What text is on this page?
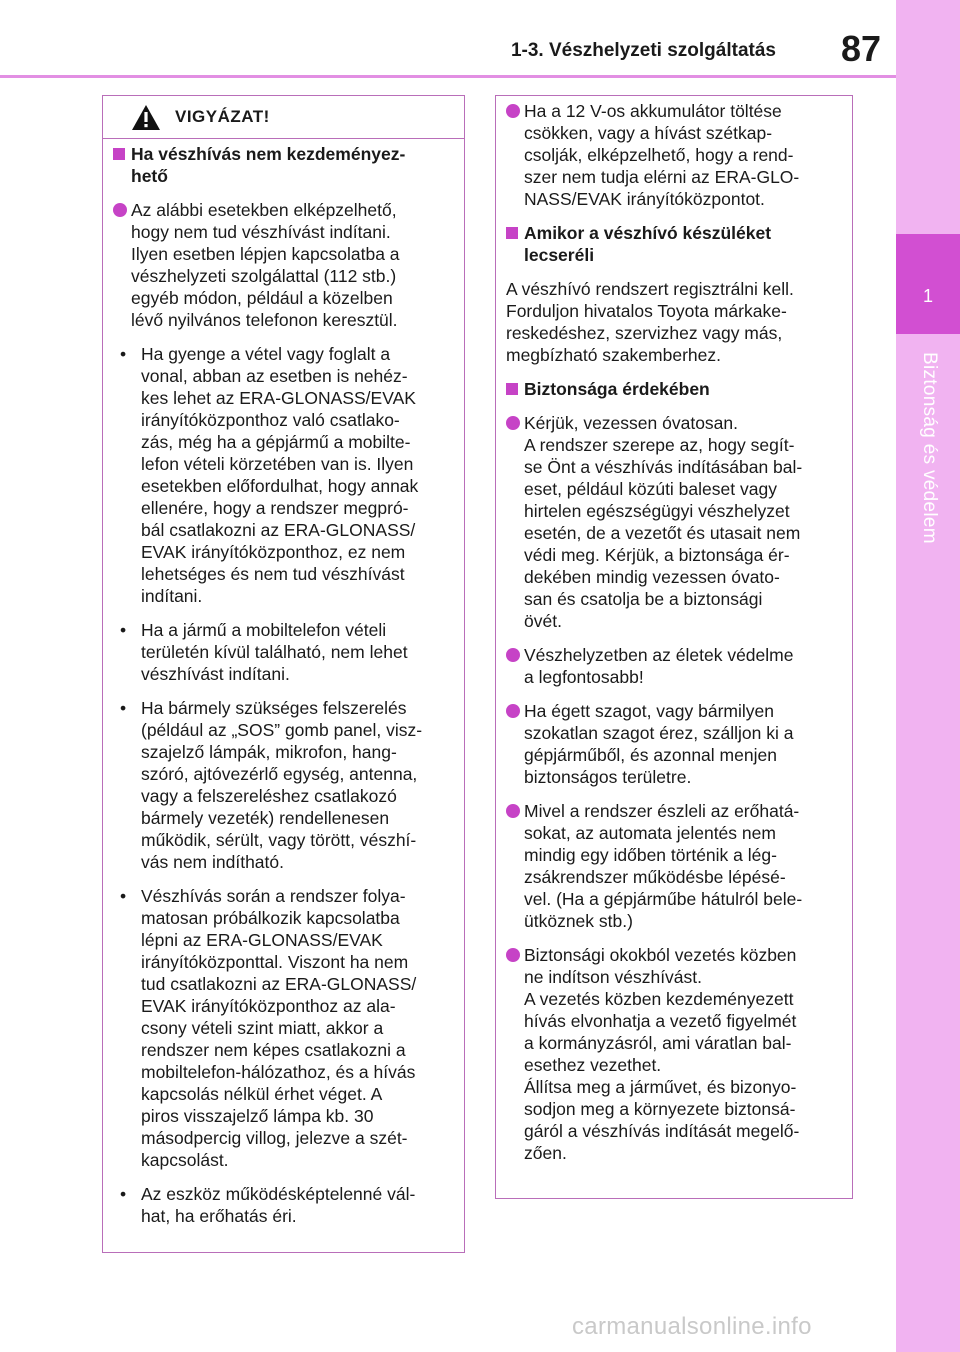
1-3. Vészhelyzeti szolgáltatás 87
1
Biztonság és védelem
VIGYÁZAT!
Ha vészhívás nem kezdeményez-
hető
Az alábbi esetekben elképzelhető,
hogy nem tud vészhívást indítani.
Ilyen esetben lépjen kapcsolatba a
vészhelyzeti szolgálattal (112 stb.)
egyéb módon, például a közelben
lévő nyilvános telefonon keresztül.
• Ha gyenge a vétel vagy foglalt a
vonal, abban az esetben is nehéz-
kes lehet az ERA-GLONASS/EVAK
irányítóközponthoz való csatlako-
zás, még ha a gépjármű a mobilte-
lefon vételi körzetében van is. Ilyen
esetekben előfordulhat, hogy annak
ellenére, hogy a rendszer megpró-
bál csatlakozni az ERA-GLONASS/
EVAK irányítóközponthoz, ez nem
lehetséges és nem tud vészhívást
indítani.
• Ha a jármű a mobiltelefon vételi
területén kívül található, nem lehet
vészhívást indítani.
• Ha bármely szükséges felszerelés
(például az „SOS” gomb panel, visz-
szajelző lámpák, mikrofon, hang-
szóró, ajtóvezérlő egység, antenna,
vagy a felszereléshez csatlakozó
bármely vezeték) rendellenesen
működik, sérült, vagy törött, vészhí-
vás nem indítható.
• Vészhívás során a rendszer folya-
matosan próbálkozik kapcsolatba
lépni az ERA-GLONASS/EVAK
irányítóközponttal. Viszont ha nem
tud csatlakozni az ERA-GLONASS/
EVAK irányítóközponthoz az ala-
csony vételi szint miatt, akkor a
rendszer nem képes csatlakozni a
mobiltelefon-hálózathoz, és a hívás
kapcsolás nélkül érhet véget. A
piros visszajelző lámpa kb. 30
másodpercig villog, jelezve a szét-
kapcsolást.
• Az eszköz működésképtelenné vál-
hat, ha erőhatás éri.
Ha a 12 V-os akkumulátor töltése
csökken, vagy a hívást szétkap-
csolják, elképzelhető, hogy a rend-
szer nem tudja elérni az ERA-GLO-
NASS/EVAK irányítóközpontot.
Amikor a vészhívó készüléket
lecseréli
A vészhívó rendszert regisztrálni kell.
Forduljon hivatalos Toyota márkake-
reskedéshez, szervizhez vagy más,
megbízható szakemberhez.
Biztonsága érdekében
Kérjük, vezessen óvatosan.
A rendszer szerepe az, hogy segít-
se Önt a vészhívás indításában bal-
eset, például közúti baleset vagy
hirtelen egészségügyi vészhelyzet
esetén, de a vezetőt és utasait nem
védi meg. Kérjük, a biztonsága ér-
dekében mindig vezessen óvato-
san és csatolja be a biztonsági
övét.
Vészhelyzetben az életek védelme
a legfontosabb!
Ha égett szagot, vagy bármilyen
szokatlan szagot érez, szálljon ki a
gépjárműből, és azonnal menjen
biztonságos területre.
Mivel a rendszer észleli az erőhatá-
sokat, az automata jelentés nem
mindig egy időben történik a lég-
zsákrendszer működésbe lépésé-
vel. (Ha a gépjárműbe hátulról bele-
ütköznek stb.)
Biztonsági okokból vezetés közben
ne indítson vészhívást.
A vezetés közben kezdeményezett
hívás elvonhatja a vezető figyelmét
a kormányzásról, ami váratlan bal-
esethez vezethet.
Állítsa meg a járművet, és bizonyo-
sodjon meg a környezete biztonsá-
gáról a vészhívás indítását megelő-
zően.
carmanualsonline.info
